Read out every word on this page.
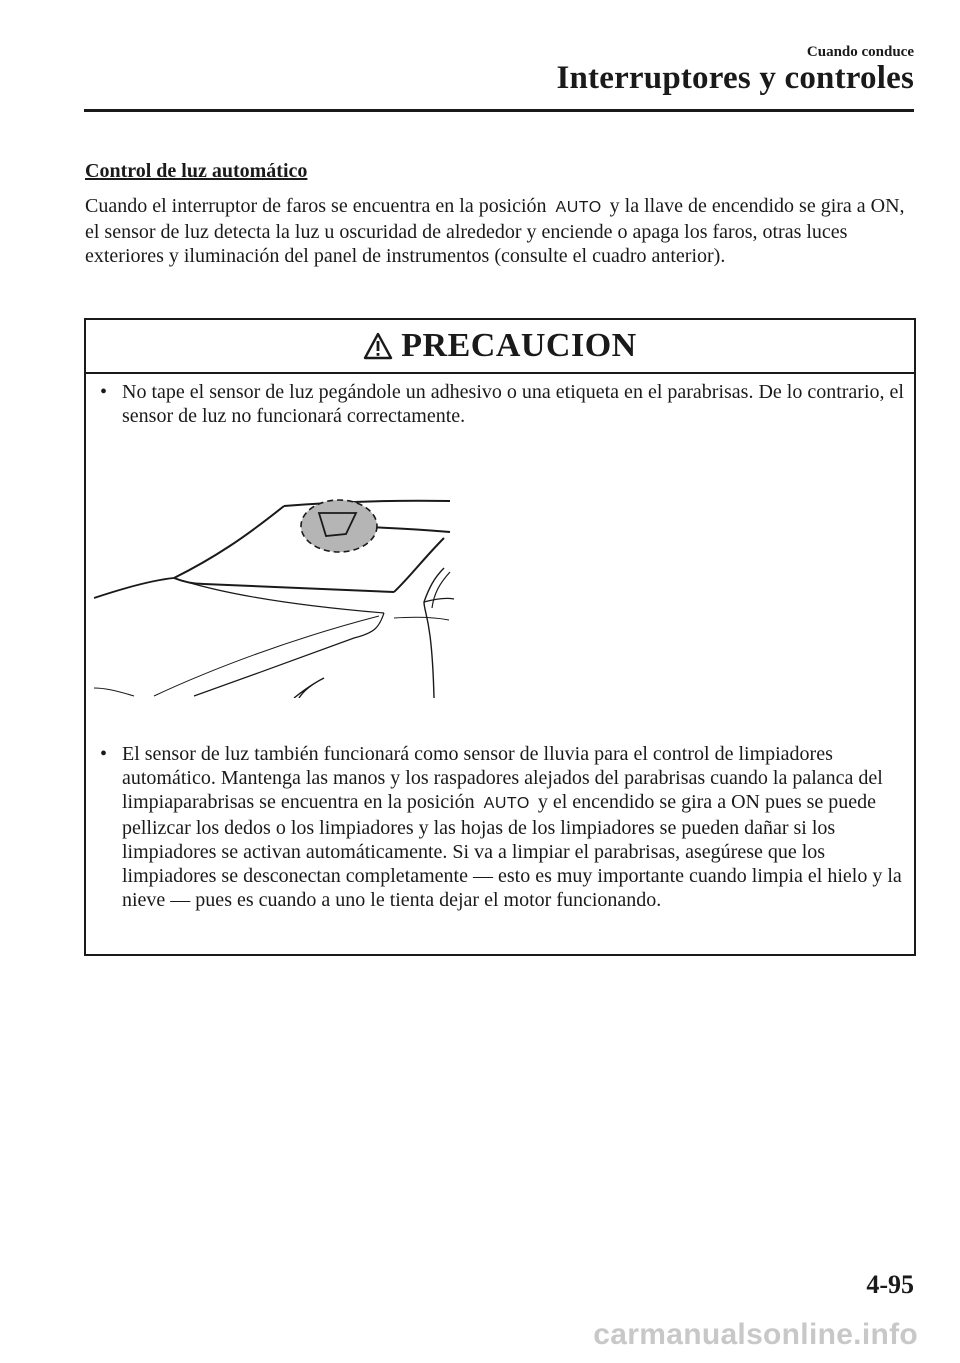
Cuando conduce
Interruptores y controles
Control de luz automático

Cuando el interruptor de faros se encuentra en la posición AUTO y la llave de encendido se gira a ON, el sensor de luz detecta la luz u oscuridad de alrededor y enciende o apaga los faros, otras luces exteriores y iluminación del panel de instrumentos (consulte el cuadro anterior).

PRECAUCION
• No tape el sensor de luz pegándole un adhesivo o una etiqueta en el parabrisas. De lo contrario, el sensor de luz no funcionará correctamente.
• El sensor de luz también funcionará como sensor de lluvia para el control de limpiadores automático. Mantenga las manos y los raspadores alejados del parabrisas cuando la palanca del limpiaparabrisas se encuentra en la posición AUTO y el encendido se gira a ON pues se puede pellizcar los dedos o los limpiadores y las hojas de los limpiadores se pueden dañar si los limpiadores se activan automáticamente. Si va a limpiar el parabrisas, asegúrese que los limpiadores se desconectan completamente ― esto es muy importante cuando limpia el hielo y la nieve ― pues es cuando a uno le tienta dejar el motor funcionando.
4-95
carmanualsonline.info
